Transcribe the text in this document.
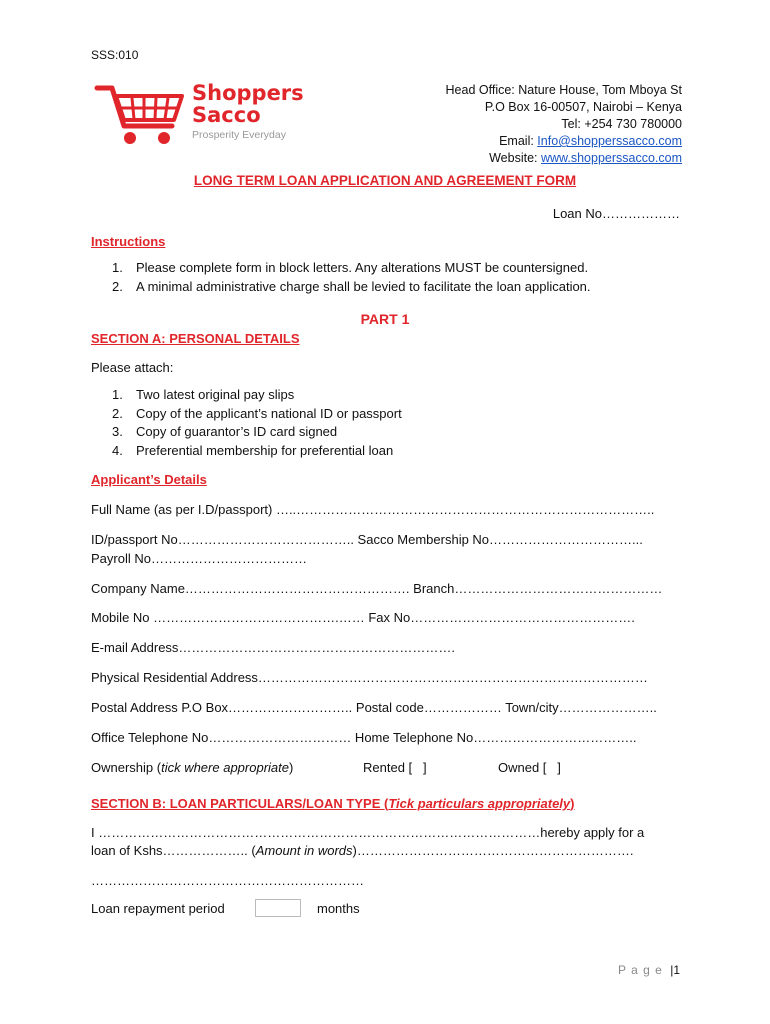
SSS:010
Shoppers
Sacco
Prosperity Everyday
Head Office: Nature House, Tom Mboya St
P.O Box 16-00507, Nairobi – Kenya
Tel: +254 730 780000
Email: Info@shopperssacco.com
Website: www.shopperssacco.com
LONG TERM LOAN APPLICATION AND AGREEMENT FORM
Loan No………………
Instructions
1. Please complete form in block letters. Any alterations MUST be countersigned.
2. A minimal administrative charge shall be levied to facilitate the loan application.
PART 1
SECTION A: PERSONAL DETAILS
Please attach:
1. Two latest original pay slips
2. Copy of the applicant’s national ID or passport
3. Copy of guarantor’s ID card signed
4. Preferential membership for preferential loan
Applicant’s Details
Full Name (as per I.D/passport) …..………………………………………………………………………..
ID/passport No………………………………….. Sacco Membership No……………………………...
Payroll No………………………………
Company Name……………………………………………. Branch…………………………………………
Mobile No …………………………………….…… Fax No…………………………………………….
E-mail Address……………………………………………………….
Physical Residential Address………………………………………………………………………………
Postal Address P.O Box……………………….. Postal code……………… Town/city…………………..
Office Telephone No…………………………… Home Telephone No………………………………..
Ownership (tick where appropriate)	Rented [   ]	Owned [   ]
SECTION B: LOAN PARTICULARS/LOAN TYPE (Tick particulars appropriately)
I …………………………………………………………………………………………hereby apply for a
loan of Kshs……………….. (Amount in words)……………………………………………………….
………………………………………………………
Loan repayment period	months
P a g e |1
